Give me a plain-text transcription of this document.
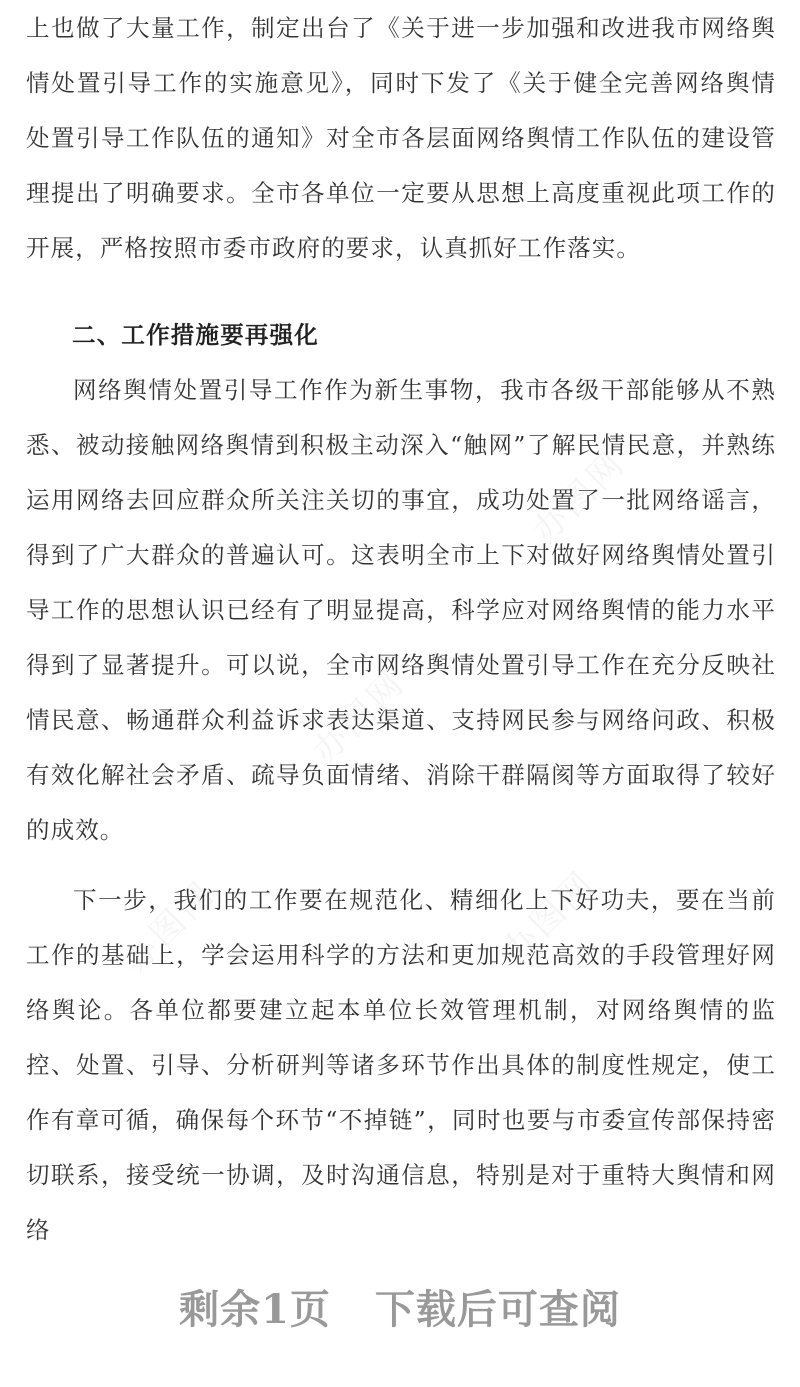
上也做了大量工作，制定出台了《关于进一步加强和改进我市网络舆情处置引导工作的实施意见》，同时下发了《关于健全完善网络舆情处置引导工作队伍的通知》对全市各层面网络舆情工作队伍的建设管理提出了明确要求。全市各单位一定要从思想上高度重视此项工作的开展，严格按照市委市政府的要求，认真抓好工作落实。

二、工作措施要再强化

网络舆情处置引导工作作为新生事物，我市各级干部能够从不熟悉、被动接触网络舆情到积极主动深入“触网”了解民情民意，并熟练运用网络去回应群众所关注关切的事宜，成功处置了一批网络谣言，得到了广大群众的普遍认可。这表明全市上下对做好网络舆情处置引导工作的思想认识已经有了明显提高，科学应对网络舆情的能力水平得到了显著提升。可以说，全市网络舆情处置引导工作在充分反映社情民意、畅通群众利益诉求表达渠道、支持网民参与网络问政、积极有效化解社会矛盾、疏导负面情绪、消除干群隔阂等方面取得了较好的成效。

下一步，我们的工作要在规范化、精细化上下好功夫，要在当前工作的基础上，学会运用科学的方法和更加规范高效的手段管理好网络舆论。各单位都要建立起本单位长效管理机制，对网络舆情的监控、处置、引导、分析研判等诸多环节作出具体的制度性规定，使工作有章可循，确保每个环节“不掉链”，同时也要与市委宣传部保持密切联系，接受统一协调，及时沟通信息，特别是对于重特大舆情和网络

办图网
办图网
办图网	办图网
剩余1页 下载后可查阅
